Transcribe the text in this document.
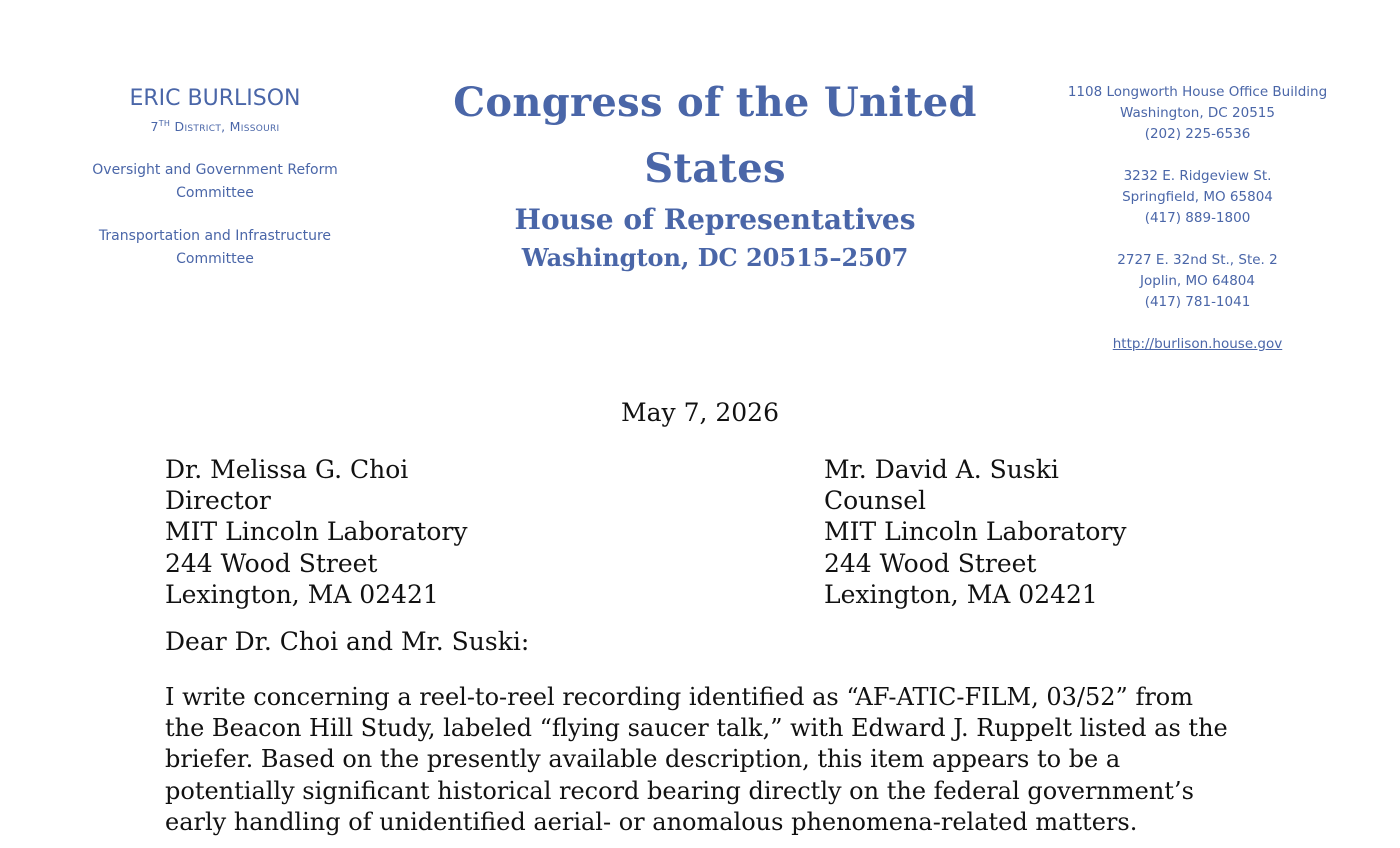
ERIC BURLISON
7TH District, Missouri
Oversight and Government Reform Committee
Transportation and Infrastructure Committee
Congress of the United States
House of Representatives
Washington, DC 20515–2507
1108 Longworth House Office Building
Washington, DC 20515
(202) 225-6536
3232 E. Ridgeview St.
Springfield, MO 65804
(417) 889-1800
2727 E. 32nd St., Ste. 2
Joplin, MO 64804
(417) 781-1041
http://burlison.house.gov
May 7, 2026
Dr. Melissa G. Choi
Director
MIT Lincoln Laboratory
244 Wood Street
Lexington, MA 02421
Mr. David A. Suski
Counsel
MIT Lincoln Laboratory
244 Wood Street
Lexington, MA 02421
Dear Dr. Choi and Mr. Suski:
I write concerning a reel-to-reel recording identified as “AF-ATIC-FILM, 03/52” from
the Beacon Hill Study, labeled “flying saucer talk,” with Edward J. Ruppelt listed as the
briefer. Based on the presently available description, this item appears to be a
potentially significant historical record bearing directly on the federal government’s
early handling of unidentified aerial- or anomalous phenomena-related matters.
